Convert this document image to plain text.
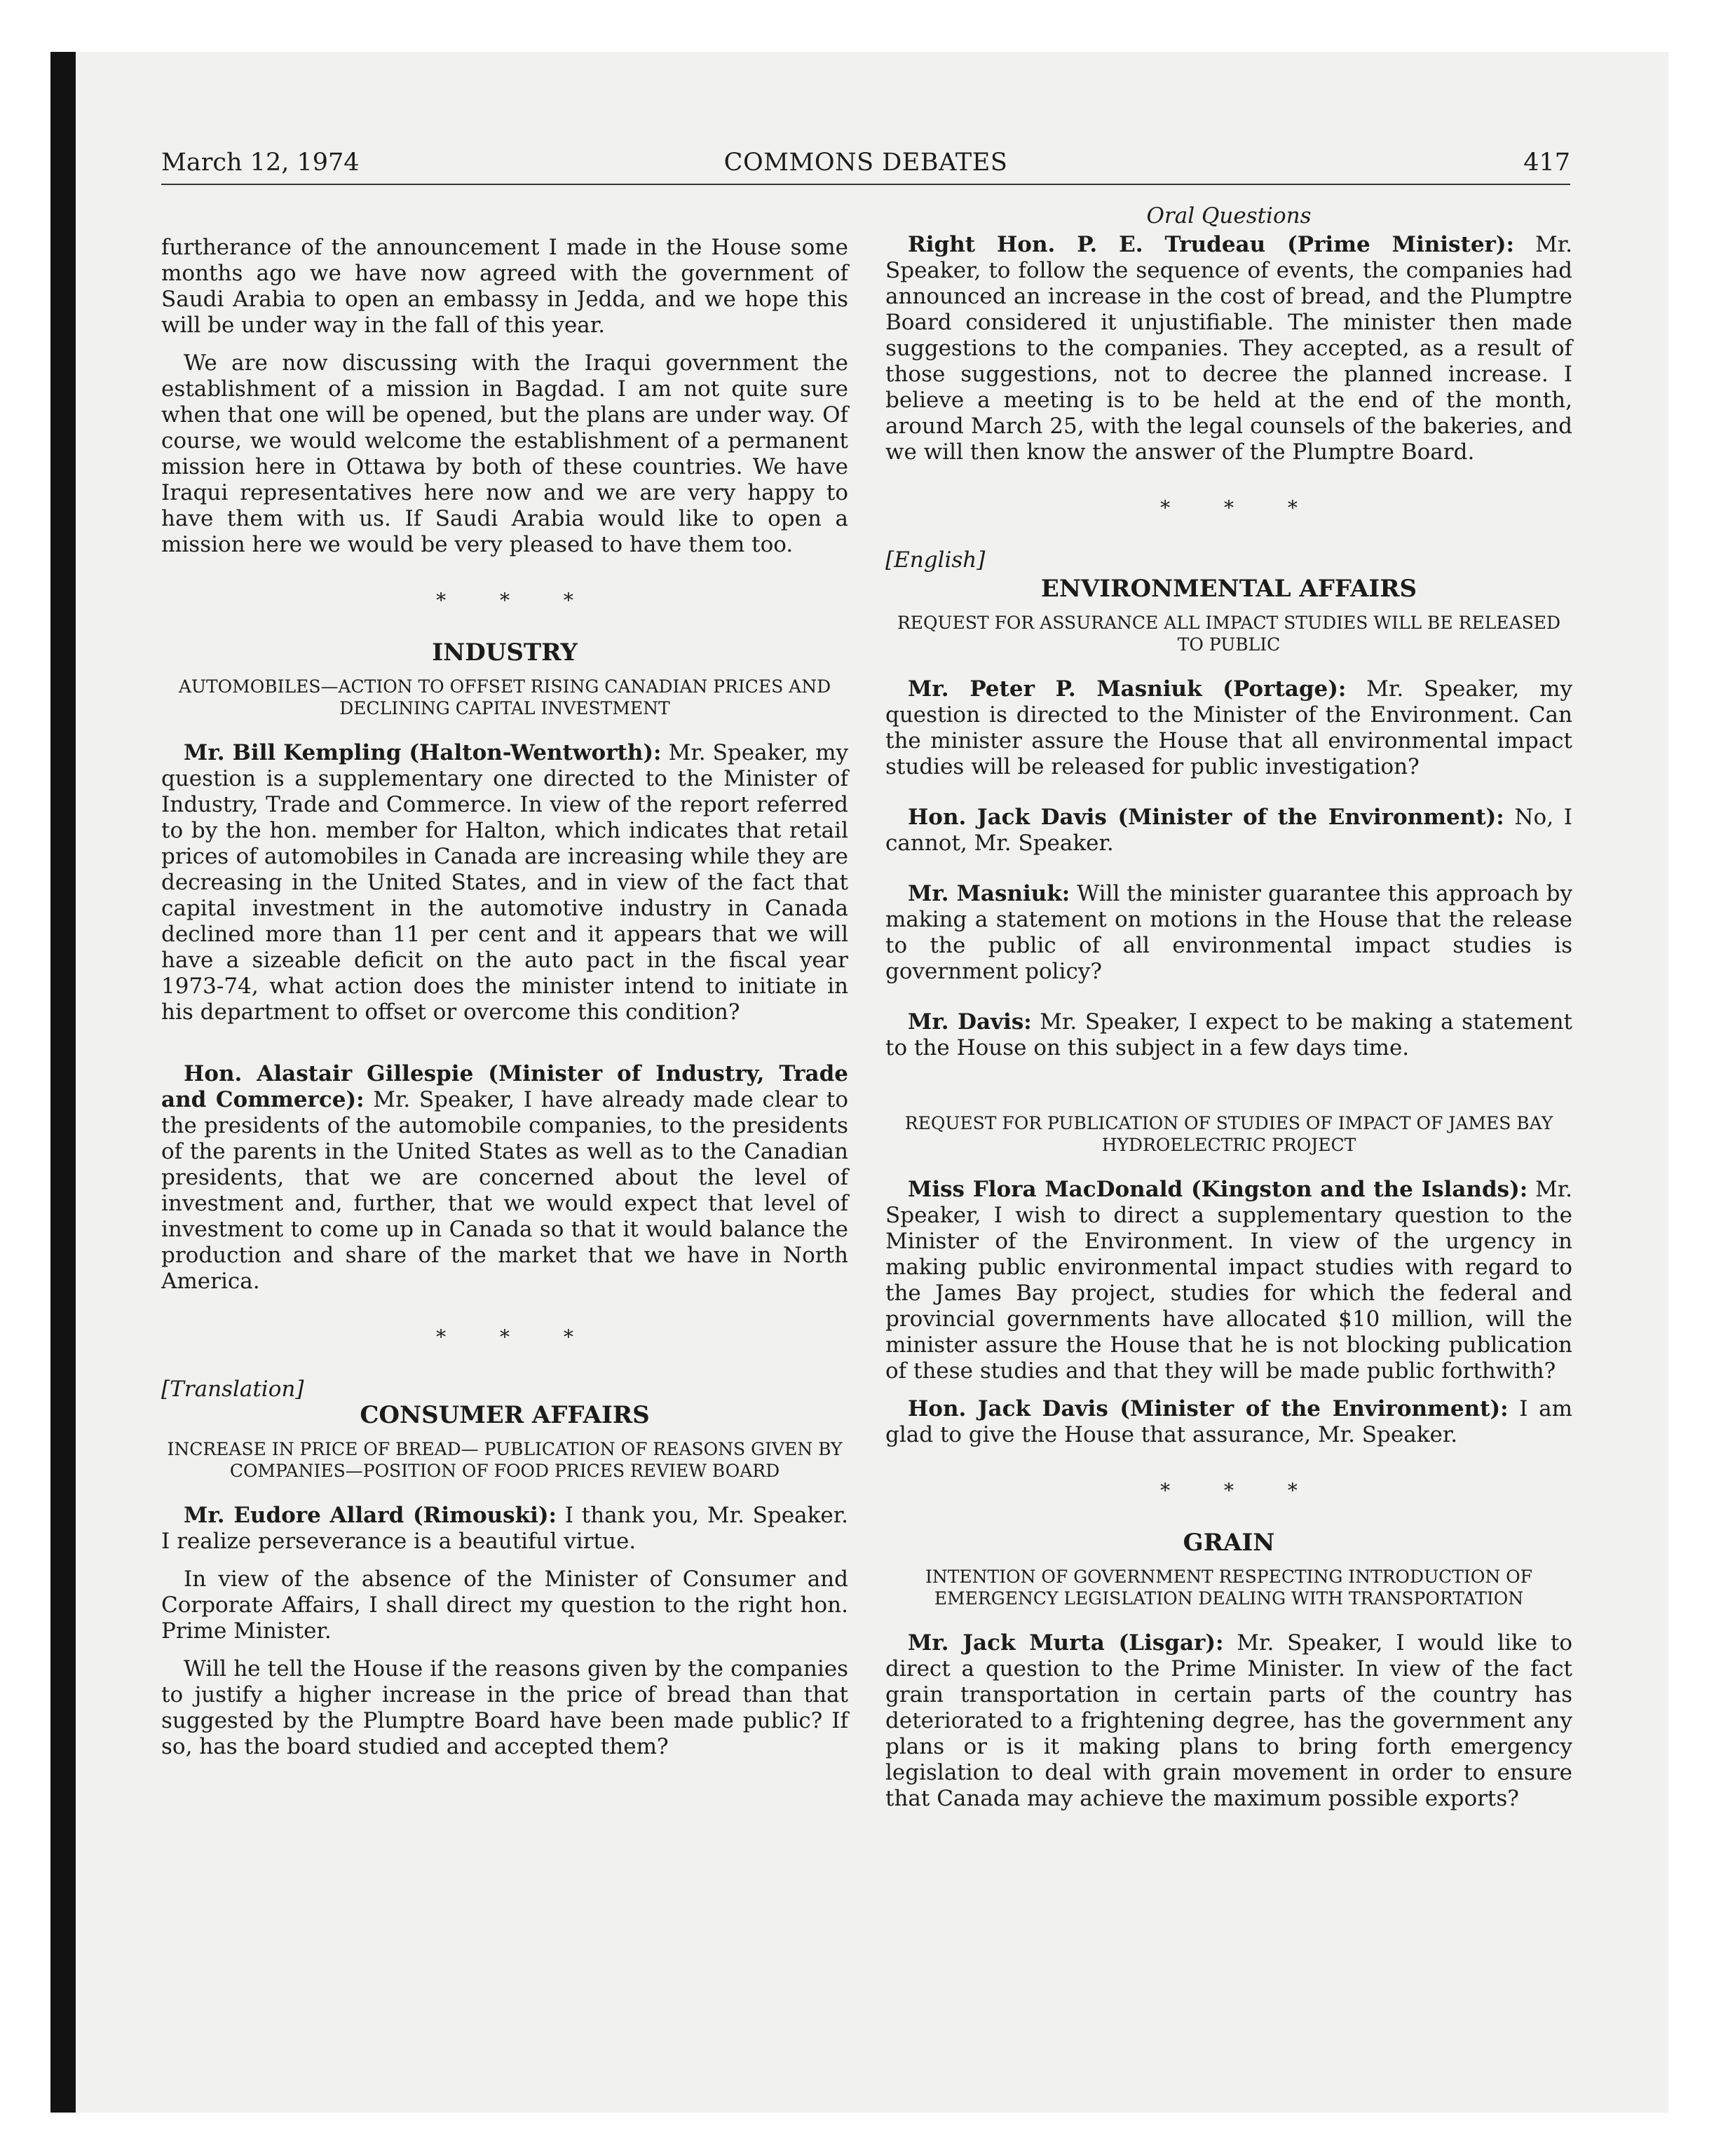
March 12, 1974	COMMONS DEBATES	417

furtherance of the announcement I made in the House some months ago we have now agreed with the government of Saudi Arabia to open an embassy in Jedda, and we hope this will be under way in the fall of this year.

We are now discussing with the Iraqui government the establishment of a mission in Bagdad. I am not quite sure when that one will be opened, but the plans are under way. Of course, we would welcome the establishment of a permanent mission here in Ottawa by both of these countries. We have Iraqui representatives here now and we are very happy to have them with us. If Saudi Arabia would like to open a mission here we would be very pleased to have them too.

* * *

INDUSTRY

AUTOMOBILES—ACTION TO OFFSET RISING CANADIAN PRICES AND DECLINING CAPITAL INVESTMENT

Mr. Bill Kempling (Halton-Wentworth): Mr. Speaker, my question is a supplementary one directed to the Minister of Industry, Trade and Commerce. In view of the report referred to by the hon. member for Halton, which indicates that retail prices of automobiles in Canada are increasing while they are decreasing in the United States, and in view of the fact that capital investment in the automotive industry in Canada declined more than 11 per cent and it appears that we will have a sizeable deficit on the auto pact in the fiscal year 1973-74, what action does the minister intend to initiate in his department to offset or overcome this condition?

Hon. Alastair Gillespie (Minister of Industry, Trade and Commerce): Mr. Speaker, I have already made clear to the presidents of the automobile companies, to the presidents of the parents in the United States as well as to the Canadian presidents, that we are concerned about the level of investment and, further, that we would expect that level of investment to come up in Canada so that it would balance the production and share of the market that we have in North America.

* * *

[Translation]

CONSUMER AFFAIRS

INCREASE IN PRICE OF BREAD— PUBLICATION OF REASONS GIVEN BY COMPANIES—POSITION OF FOOD PRICES REVIEW BOARD

Mr. Eudore Allard (Rimouski): I thank you, Mr. Speaker. I realize perseverance is a beautiful virtue.

In view of the absence of the Minister of Consumer and Corporate Affairs, I shall direct my question to the right hon. Prime Minister.

Will he tell the House if the reasons given by the companies to justify a higher increase in the price of bread than that suggested by the Plumptre Board have been made public? If so, has the board studied and accepted them?

Oral Questions

Right Hon. P. E. Trudeau (Prime Minister): Mr. Speaker, to follow the sequence of events, the companies had announced an increase in the cost of bread, and the Plumptre Board considered it unjustifiable. The minister then made suggestions to the companies. They accepted, as a result of those suggestions, not to decree the planned increase. I believe a meeting is to be held at the end of the month, around March 25, with the legal counsels of the bakeries, and we will then know the answer of the Plumptre Board.

* * *

[English]

ENVIRONMENTAL AFFAIRS

REQUEST FOR ASSURANCE ALL IMPACT STUDIES WILL BE RELEASED TO PUBLIC

Mr. Peter P. Masniuk (Portage): Mr. Speaker, my question is directed to the Minister of the Environment. Can the minister assure the House that all environmental impact studies will be released for public investigation?

Hon. Jack Davis (Minister of the Environment): No, I cannot, Mr. Speaker.

Mr. Masniuk: Will the minister guarantee this approach by making a statement on motions in the House that the release to the public of all environmental impact studies is government policy?

Mr. Davis: Mr. Speaker, I expect to be making a statement to the House on this subject in a few days time.

REQUEST FOR PUBLICATION OF STUDIES OF IMPACT OF JAMES BAY HYDROELECTRIC PROJECT

Miss Flora MacDonald (Kingston and the Islands): Mr. Speaker, I wish to direct a supplementary question to the Minister of the Environment. In view of the urgency in making public environmental impact studies with regard to the James Bay project, studies for which the federal and provincial governments have allocated $10 million, will the minister assure the House that he is not blocking publication of these studies and that they will be made public forthwith?

Hon. Jack Davis (Minister of the Environment): I am glad to give the House that assurance, Mr. Speaker.

* * *

GRAIN

INTENTION OF GOVERNMENT RESPECTING INTRODUCTION OF EMERGENCY LEGISLATION DEALING WITH TRANSPORTATION

Mr. Jack Murta (Lisgar): Mr. Speaker, I would like to direct a question to the Prime Minister. In view of the fact grain transportation in certain parts of the country has deteriorated to a frightening degree, has the government any plans or is it making plans to bring forth emergency legislation to deal with grain movement in order to ensure that Canada may achieve the maximum possible exports?
